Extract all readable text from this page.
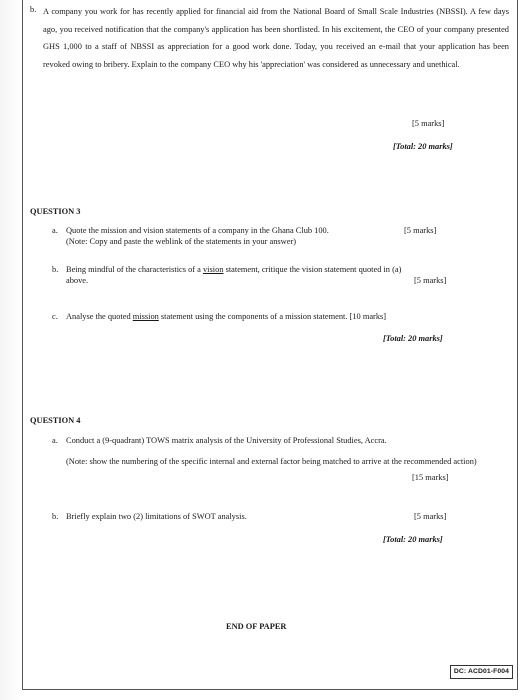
b. A company you work for has recently applied for financial aid from the National Board of Small Scale Industries (NBSSI). A few days ago, you received notification that the company's application has been shortlisted. In his excitement, the CEO of your company presented GHS 1,000 to a staff of NBSSI as appreciation for a good work done. Today, you received an e-mail that your application has been revoked owing to bribery. Explain to the company CEO why his 'appreciation' was considered as unnecessary and unethical.
[5 marks]
[Total: 20 marks]
QUESTION 3
a. Quote the mission and vision statements of a company in the Ghana Club 100.	[5 marks]
(Note: Copy and paste the weblink of the statements in your answer)
b. Being mindful of the characteristics of a vision statement, critique the vision statement quoted in (a)
above.	[5 marks]
c. Analyse the quoted mission statement using the components of a mission statement. [10 marks]
[Total: 20 marks]
QUESTION 4
a. Conduct a (9-quadrant) TOWS matrix analysis of the University of Professional Studies, Accra.
(Note: show the numbering of the specific internal and external factor being matched to arrive at the recommended action)
[15 marks]
b. Briefly explain two (2) limitations of SWOT analysis.	[5 marks]
[Total: 20 marks]
END OF PAPER
DC: ACD01-F004
